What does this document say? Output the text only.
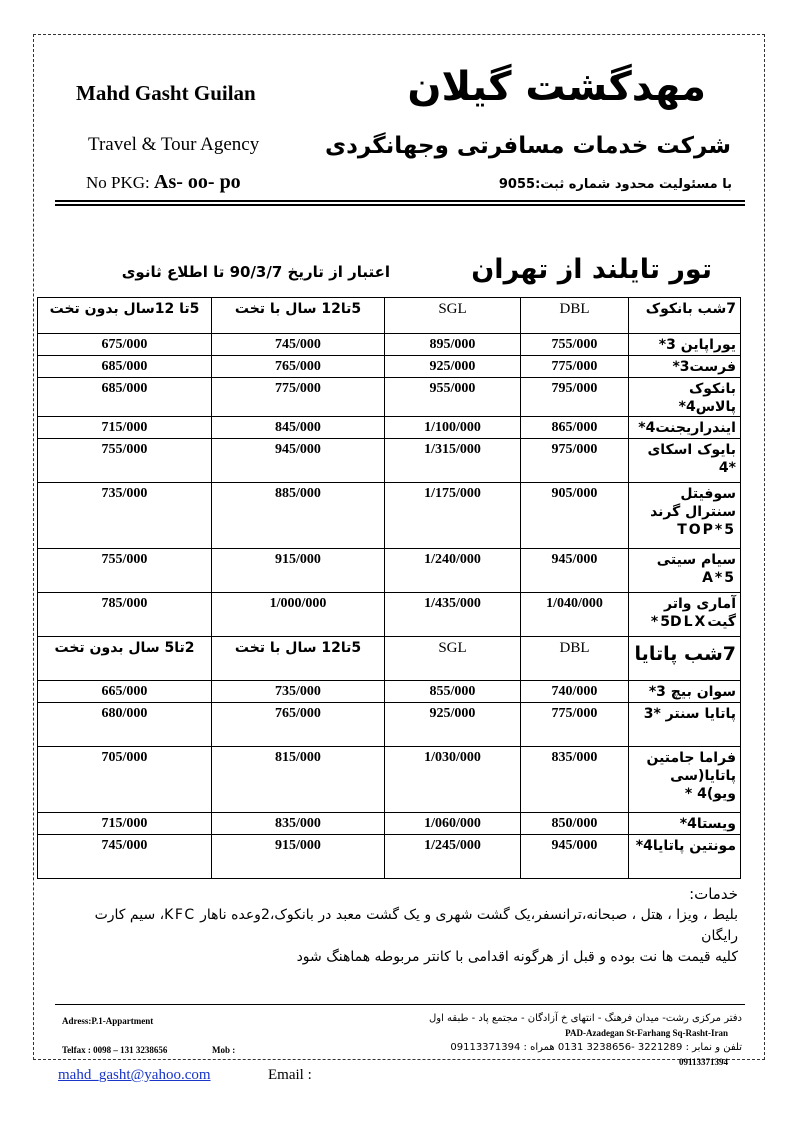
Mahd Gasht Guilan	مهدگشت گیلان
Travel & Tour Agency	شرکت خدمات مسافرتی وجهانگردی
No PKG: As- oo- po	با مسئولیت محدود شماره ثبت:9055
تور تایلند از تهران
اعتبار از تاریخ 90/3/7 تا اطلاع ثانوی
5تا 12سال بدون تخت	5تا12 سال با تخت	SGL	DBL	7شب بانکوک
675/000	745/000	895/000	755/000	یوراپاین 3*
685/000	765/000	925/000	775/000	فرست3*
685/000	775/000	955/000	795/000	بانکوک پالاس4*
715/000	845/000	1/100/000	865/000	ایندراریجنت4*
755/000	945/000	1/315/000	975/000	بایوک اسکای *4
735/000	885/000	1/175/000	905/000	سوفیتل سنترال گرند TOP*5
755/000	915/000	1/240/000	945/000	سیام سیتی A*5
785/000	1/000/000	1/435/000	1/040/000	آماری واتر گیت5DLX*
2تا5 سال بدون تخت	5تا12 سال با تخت	SGL	DBL	7شب پاتایا
665/000	735/000	855/000	740/000	سوان بیچ 3*
680/000	765/000	925/000	775/000	پاتایا سنتر *3
705/000	815/000	1/030/000	835/000	فراما جامتین پاتایا(سی ویو)4 *
715/000	835/000	1/060/000	850/000	ویستا4*
745/000	915/000	1/245/000	945/000	مونتین پاتایا4*

خدمات:

بلیط ، ویزا ، هتل ، صبحانه،ترانسفر،یک گشت شهری و یک گشت معبد در بانکوک،2وعده ناهار KFC، سیم کارت رایگان

کلیه قیمت ها نت بوده و قبل از هرگونه اقدامی با کانتر مربوطه هماهنگ شود

دفتر مرکزی رشت- میدان فرهنگ - انتهای خ آزادگان - مجتمع پاد - طبقه اول
Adress:P.1-Appartment
PAD-Azadegan St-Farhang Sq-Rasht-Iran
تلفن و نمابر : 3221289 -3238656 0131 همراه : 09113371394
Telfax : 0098 – 131 3238656	Mob :
09113371394
mahd_gasht@yahoo.com	Email :
